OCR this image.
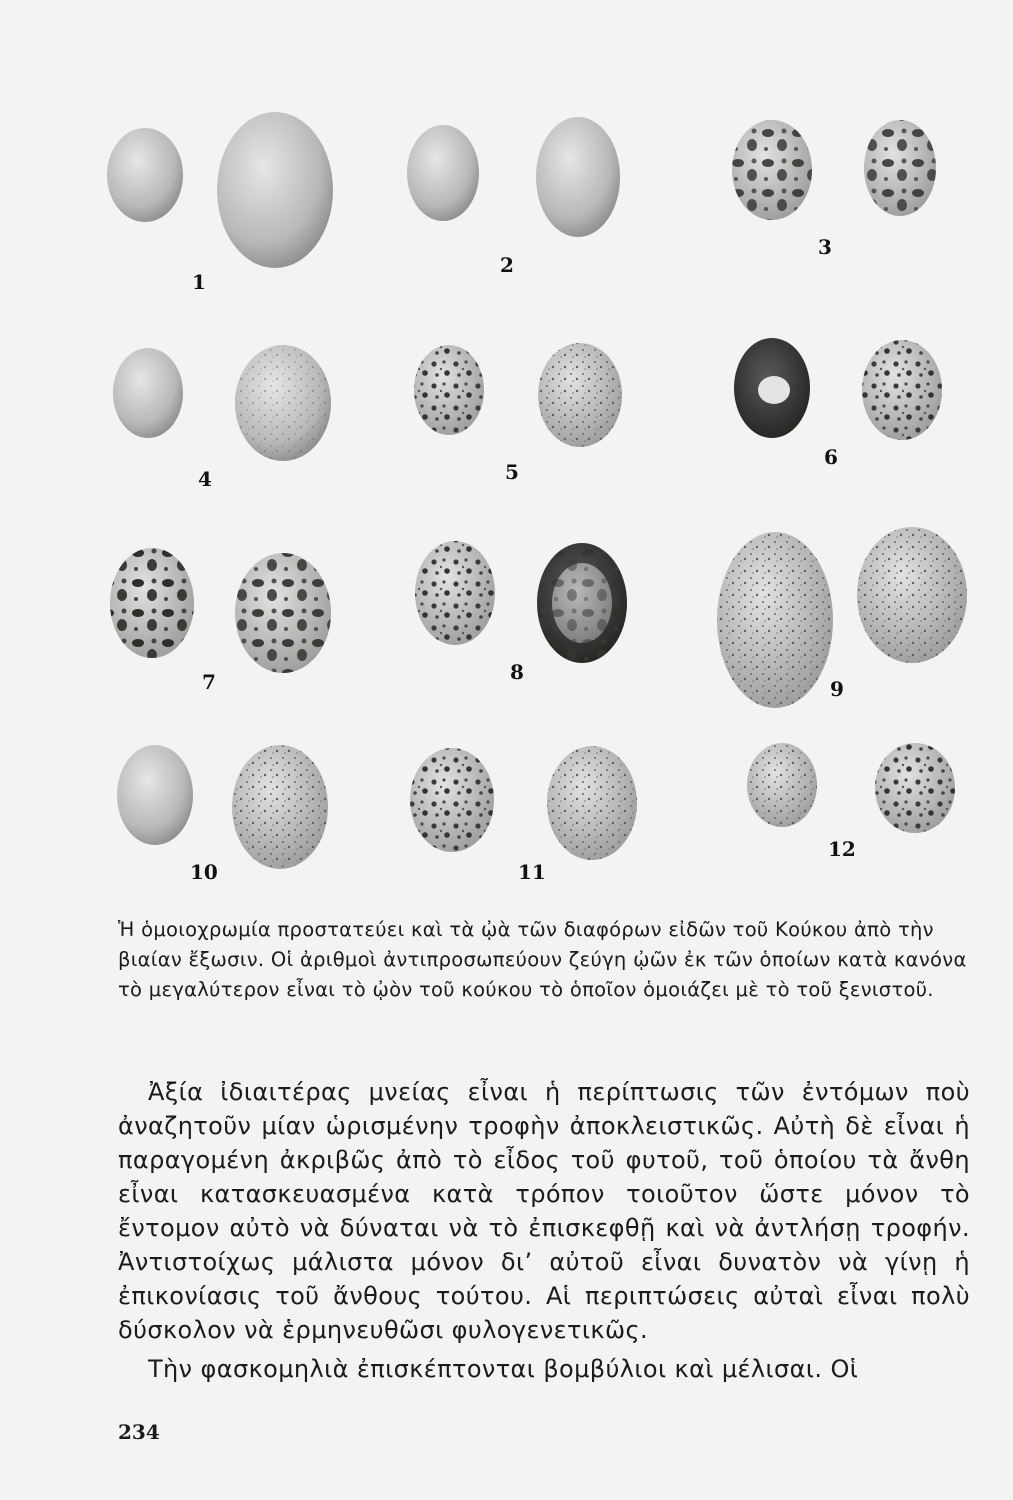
1
2
3
4	5
6
7	8
9
10	11
12
Ἡ ὁμοιοχρωμία προστατεύει καὶ τὰ ᾠὰ τῶν διαφόρων εἰδῶν τοῦ Κούκου ἀπὸ τὴν βιαίαν ἔξωσιν. Οἱ ἀριθμοὶ ἀντιπροσωπεύουν ζεύγη ᾠῶν ἐκ τῶν ὁποίων κατὰ κανόνα τὸ μεγαλύτερον εἶναι τὸ ᾠὸν τοῦ κούκου τὸ ὁποῖον ὁμοιάζει μὲ τὸ τοῦ ξενιστοῦ.

Ἀξία ἰδιαιτέρας μνείας εἶναι ἡ περίπτωσις τῶν ἐντόμων ποὺ ἀναζητοῦν μίαν ὡρισμένην τροφὴν ἀποκλειστικῶς. Αὐτὴ δὲ εἶναι ἡ παραγομένη ἀκριβῶς ἀπὸ τὸ εἶδος τοῦ φυτοῦ, τοῦ ὁποίου τὰ ἄνθη εἶναι κατασκευασμένα κατὰ τρόπον τοιοῦτον ὥστε μόνον τὸ ἔντομον αὐτὸ νὰ δύναται νὰ τὸ ἐπισκεφθῇ καὶ νὰ ἀντλήσῃ τροφήν. Ἀντιστοίχως μάλιστα μόνον δι’ αὐτοῦ εἶναι δυνατὸν νὰ γίνῃ ἡ ἐπικονίασις τοῦ ἄνθους τούτου. Αἱ περιπτώσεις αὐταὶ εἶναι πολὺ δύσκολον νὰ ἑρμηνευθῶσι φυλογενετικῶς.

Τὴν φασκομηλιὰ ἐπισκέπτονται βομβύλιοι καὶ μέλισαι. Οἱ

234
